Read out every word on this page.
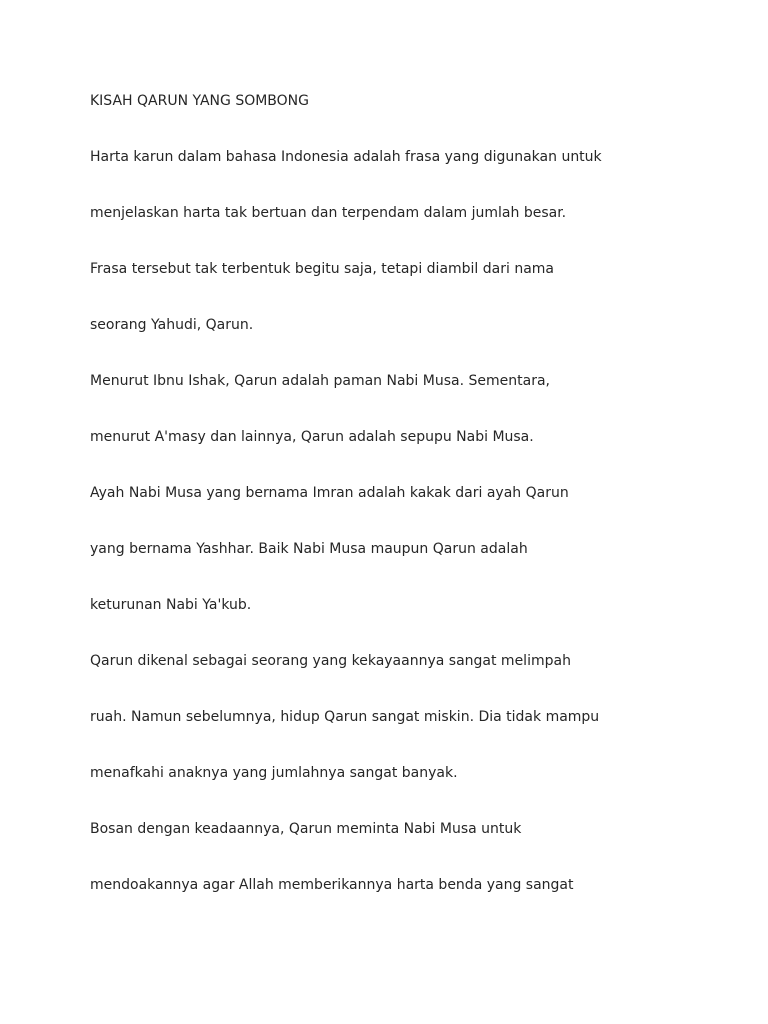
KISAH QARUN YANG SOMBONG
Harta karun dalam bahasa Indonesia adalah frasa yang digunakan untuk
menjelaskan harta tak bertuan dan terpendam dalam jumlah besar.
Frasa tersebut tak terbentuk begitu saja, tetapi diambil dari nama
seorang Yahudi, Qarun.
Menurut Ibnu Ishak, Qarun adalah paman Nabi Musa. Sementara,
menurut A'masy dan lainnya, Qarun adalah sepupu Nabi Musa.
Ayah Nabi Musa yang bernama Imran adalah kakak dari ayah Qarun
yang bernama Yashhar. Baik Nabi Musa maupun Qarun adalah
keturunan Nabi Ya'kub.
Qarun dikenal sebagai seorang yang kekayaannya sangat melimpah
ruah. Namun sebelumnya, hidup Qarun sangat miskin. Dia tidak mampu
menafkahi anaknya yang jumlahnya sangat banyak.
Bosan dengan keadaannya, Qarun meminta Nabi Musa untuk
mendoakannya agar Allah memberikannya harta benda yang sangat
